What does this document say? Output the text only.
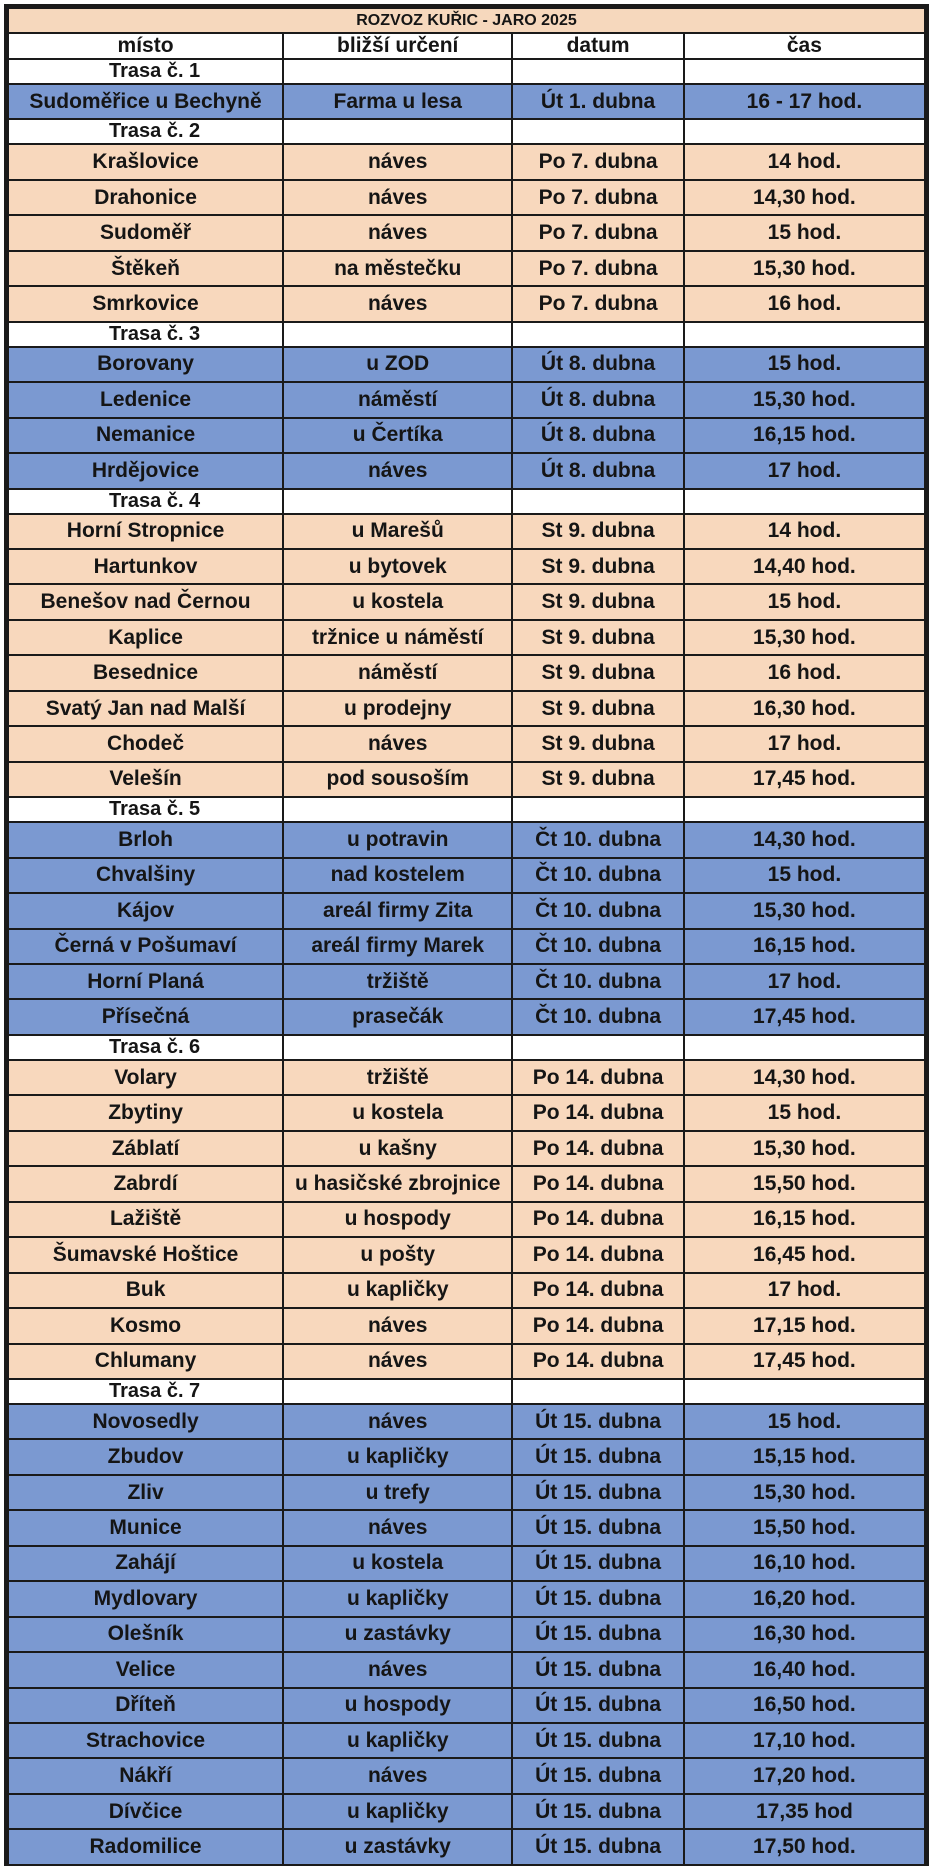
ROZVOZ KUŘIC - JARO 2025			
místo	bližší určení	datum	čas
Trasa č. 1			
Sudoměřice u Bechyně	Farma u lesa	Út 1. dubna	16 - 17 hod.
Trasa č. 2			
Krašlovice	náves	Po 7. dubna	14 hod.
Drahonice	náves	Po 7. dubna	14,30 hod.
Sudoměř	náves	Po 7. dubna	15 hod.
Štěkeň	na městečku	Po 7. dubna	15,30 hod.
Smrkovice	náves	Po 7. dubna	16 hod.
Trasa č. 3			
Borovany	u ZOD	Út 8. dubna	15 hod.
Ledenice	náměstí	Út 8. dubna	15,30 hod.
Nemanice	u Čertíka	Út 8. dubna	16,15 hod.
Hrdějovice	náves	Út 8. dubna	17 hod.
Trasa č. 4			
Horní Stropnice	u Marešů	St 9. dubna	14 hod.
Hartunkov	u bytovek	St 9. dubna	14,40 hod.
Benešov nad Černou	u kostela	St 9. dubna	15 hod.
Kaplice	tržnice u náměstí	St 9. dubna	15,30 hod.
Besednice	náměstí	St 9. dubna	16 hod.
Svatý Jan nad Malší	u prodejny	St 9. dubna	16,30 hod.
Chodeč	náves	St 9. dubna	17 hod.
Velešín	pod sousoším	St 9. dubna	17,45 hod.
Trasa č. 5			
Brloh	u potravin	Čt 10. dubna	14,30 hod.
Chvalšiny	nad kostelem	Čt 10. dubna	15 hod.
Kájov	areál firmy Zita	Čt 10. dubna	15,30 hod.
Černá v Pošumaví	areál firmy Marek	Čt 10. dubna	16,15 hod.
Horní Planá	tržiště	Čt 10. dubna	17 hod.
Přísečná	prasečák	Čt 10. dubna	17,45 hod.
Trasa č. 6			
Volary	tržiště	Po 14. dubna	14,30 hod.
Zbytiny	u kostela	Po 14. dubna	15 hod.
Záblatí	u kašny	Po 14. dubna	15,30 hod.
Zabrdí	u hasičské zbrojnice	Po 14. dubna	15,50 hod.
Lažiště	u hospody	Po 14. dubna	16,15 hod.
Šumavské Hoštice	u pošty	Po 14. dubna	16,45 hod.
Buk	u kapličky	Po 14. dubna	17 hod.
Kosmo	náves	Po 14. dubna	17,15 hod.
Chlumany	náves	Po 14. dubna	17,45 hod.
Trasa č. 7			
Novosedly	náves	Út 15. dubna	15 hod.
Zbudov	u kapličky	Út 15. dubna	15,15 hod.
Zliv	u trefy	Út 15. dubna	15,30 hod.
Munice	náves	Út 15. dubna	15,50 hod.
Zahájí	u kostela	Út 15. dubna	16,10 hod.
Mydlovary	u kapličky	Út 15. dubna	16,20 hod.
Olešník	u zastávky	Út 15. dubna	16,30 hod.
Velice	náves	Út 15. dubna	16,40 hod.
Dříteň	u hospody	Út 15. dubna	16,50 hod.
Strachovice	u kapličky	Út 15. dubna	17,10 hod.
Nákří	náves	Út 15. dubna	17,20 hod.
Dívčice	u kapličky	Út 15. dubna	17,35 hod
Radomilice	u zastávky	Út 15. dubna	17,50 hod.
